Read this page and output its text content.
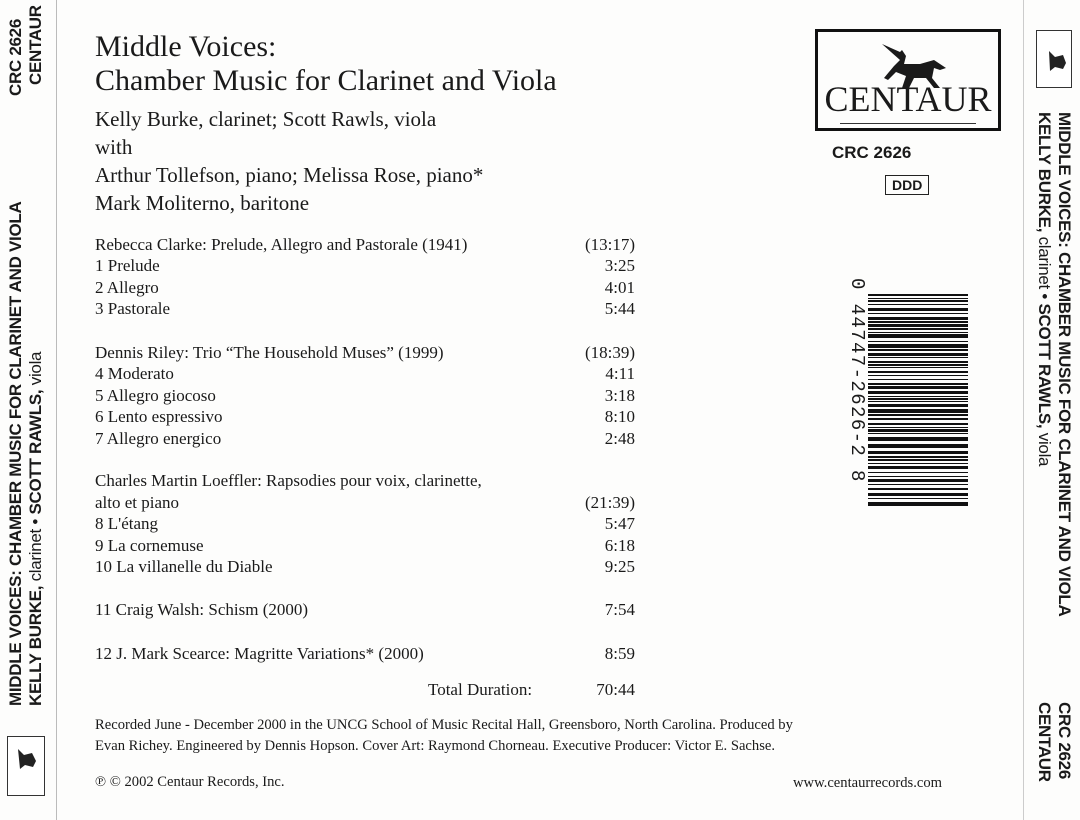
CRC 2626 CENTAUR
MIDDLE VOICES: CHAMBER MUSIC FOR CLARINET AND VIOLA KELLY BURKE, clarinet • SCOTT RAWLS, viola	MIDDLE VOICES: CHAMBER MUSIC FOR CLARINET AND VIOLA
KELLY BURKE, clarinet • SCOTT RAWLS, viola
CRC 2626
CENTAUR
Middle Voices:
Chamber Music for Clarinet and Viola
Kelly Burke, clarinet; Scott Rawls, viola
with
Arthur Tollefson, piano; Melissa Rose, piano*
Mark Moliterno, baritone
Rebecca Clarke: Prelude, Allegro and Pastorale (1941)	(13:17)
1 Prelude	3:25
2 Allegro	4:01
3 Pastorale	5:44
Dennis Riley: Trio “The Household Muses” (1999)	(18:39)
4 Moderato	4:11
5 Allegro giocoso	3:18
6 Lento espressivo	8:10
7 Allegro energico	2:48
Charles Martin Loeffler: Rapsodies pour voix, clarinette,
alto et piano	(21:39)
8 L'étang	5:47
9 La cornemuse	6:18
10 La villanelle du Diable	9:25
11 Craig Walsh: Schism (2000)	7:54
12 J. Mark Scearce: Magritte Variations* (2000)	8:59
Total Duration:	70:44
Recorded June - December 2000 in the UNCG School of Music Recital Hall, Greensboro, North Carolina. Produced by
Evan Richey. Engineered by Dennis Hopson. Cover Art: Raymond Chorneau. Executive Producer: Victor E. Sachse.
℗ © 2002 Centaur Records, Inc.	www.centaurrecords.com
CENTAUR
CRC 2626
DDD
0 44747-2626-2 8
